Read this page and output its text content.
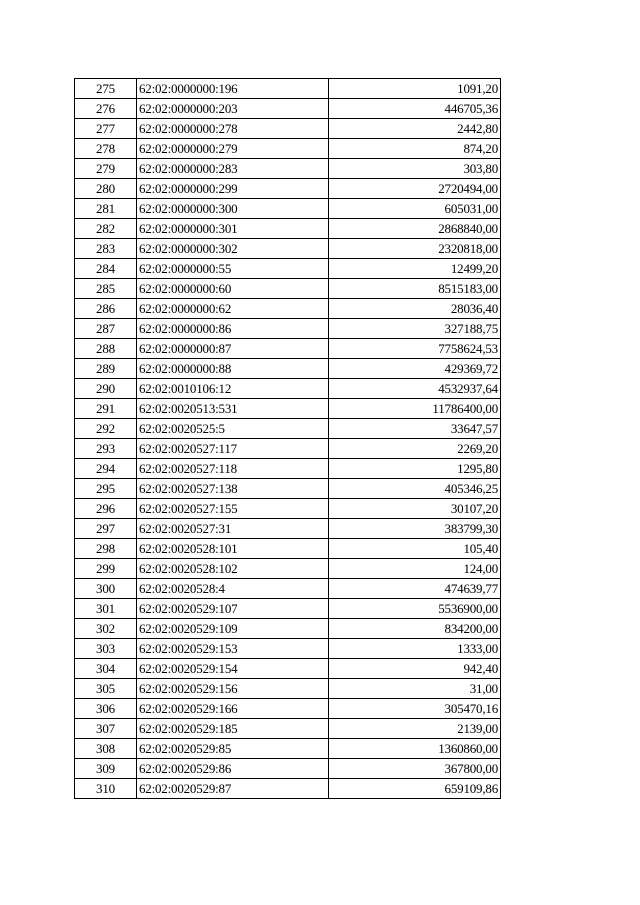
275	62:02:0000000:196	1091,20
276	62:02:0000000:203	446705,36
277	62:02:0000000:278	2442,80
278	62:02:0000000:279	874,20
279	62:02:0000000:283	303,80
280	62:02:0000000:299	2720494,00
281	62:02:0000000:300	605031,00
282	62:02:0000000:301	2868840,00
283	62:02:0000000:302	2320818,00
284	62:02:0000000:55	12499,20
285	62:02:0000000:60	8515183,00
286	62:02:0000000:62	28036,40
287	62:02:0000000:86	327188,75
288	62:02:0000000:87	7758624,53
289	62:02:0000000:88	429369,72
290	62:02:0010106:12	4532937,64
291	62:02:0020513:531	11786400,00
292	62:02:0020525:5	33647,57
293	62:02:0020527:117	2269,20
294	62:02:0020527:118	1295,80
295	62:02:0020527:138	405346,25
296	62:02:0020527:155	30107,20
297	62:02:0020527:31	383799,30
298	62:02:0020528:101	105,40
299	62:02:0020528:102	124,00
300	62:02:0020528:4	474639,77
301	62:02:0020529:107	5536900,00
302	62:02:0020529:109	834200,00
303	62:02:0020529:153	1333,00
304	62:02:0020529:154	942,40
305	62:02:0020529:156	31,00
306	62:02:0020529:166	305470,16
307	62:02:0020529:185	2139,00
308	62:02:0020529:85	1360860,00
309	62:02:0020529:86	367800,00
310	62:02:0020529:87	659109,86
